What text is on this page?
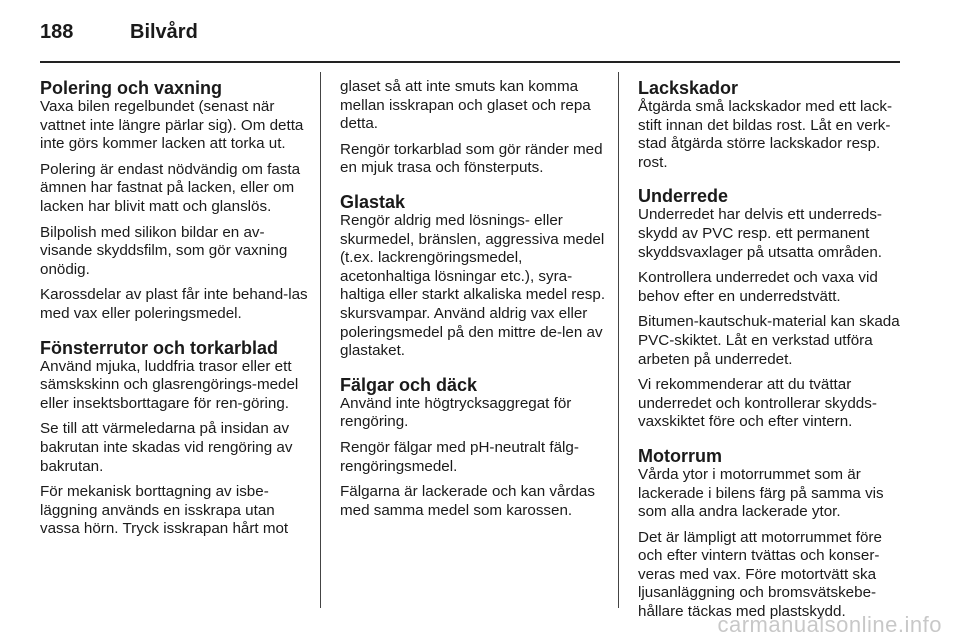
188	Bilvård
Polering och vaxning

Vaxa bilen regelbundet (senast när vattnet inte längre pärlar sig). Om detta inte görs kommer lacken att torka ut.

Polering är endast nödvändig om fasta ämnen har fastnat på lacken, eller om lacken har blivit matt och glanslös.

Bilpolish med silikon bildar en av-visande skyddsfilm, som gör vaxning onödig.

Karossdelar av plast får inte behand-las med vax eller poleringsmedel.

Fönsterrutor och torkarblad

Använd mjuka, luddfria trasor eller ett sämskskinn och glasrengörings-medel eller insektsborttagare för ren-göring.

Se till att värmeledarna på insidan av bakrutan inte skadas vid rengöring av bakrutan.

För mekanisk borttagning av isbe-läggning används en isskrapa utan vassa hörn. Tryck isskrapan hårt mot

glaset så att inte smuts kan komma mellan isskrapan och glaset och repa detta.

Rengör torkarblad som gör ränder med en mjuk trasa och fönsterputs.

Glastak

Rengör aldrig med lösnings- eller skurmedel, bränslen, aggressiva medel (t.ex. lackrengöringsmedel, acetonhaltiga lösningar etc.), syra-haltiga eller starkt alkaliska medel resp. skursvampar. Använd aldrig vax eller poleringsmedel på den mittre de-len av glastaket.

Fälgar och däck

Använd inte högtrycksaggregat för rengöring.

Rengör fälgar med pH-neutralt fälg-rengöringsmedel.

Fälgarna är lackerade och kan vårdas med samma medel som karossen.

Lackskador

Åtgärda små lackskador med ett lack-stift innan det bildas rost. Låt en verk-stad åtgärda större lackskador resp. rost.

Underrede

Underredet har delvis ett underreds-skydd av PVC resp. ett permanent skyddsvaxlager på utsatta områden.

Kontrollera underredet och vaxa vid behov efter en underredstvätt.

Bitumen-kautschuk-material kan skada PVC-skiktet. Låt en verkstad utföra arbeten på underredet.

Vi rekommenderar att du tvättar underredet och kontrollerar skydds-vaxskiktet före och efter vintern.

Motorrum

Vårda ytor i motorrummet som är lackerade i bilens färg på samma vis som alla andra lackerade ytor.

Det är lämpligt att motorrummet före och efter vintern tvättas och konser-veras med vax. Före motortvätt ska ljusanläggning och bromsvätskebe-hållare täckas med plastskydd.

carmanualsonline.info
